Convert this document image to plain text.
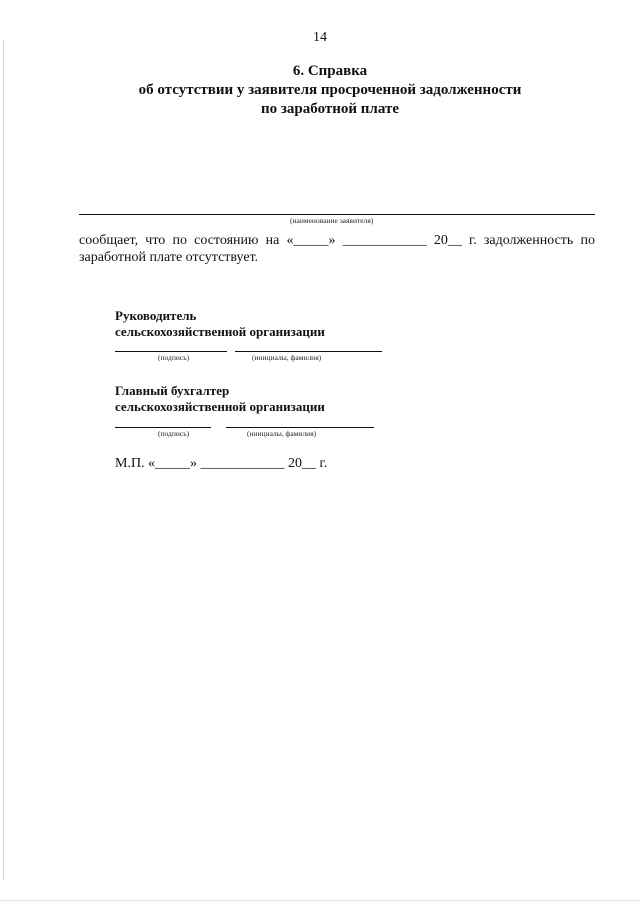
14
6. Справка
об отсутствии у заявителя просроченной задолженности
по заработной плате
(наименование заявителя)
сообщает, что по состоянию на «_____» ____________ 20__ г. задолженность по
заработной плате отсутствует.
Руководитель
сельскохозяйственной организации
(подпись)	(инициалы, фамилия)
Главный бухгалтер
сельскохозяйственной организации
(подпись)	(инициалы, фамилия)
М.П. «_____» ____________ 20__ г.
